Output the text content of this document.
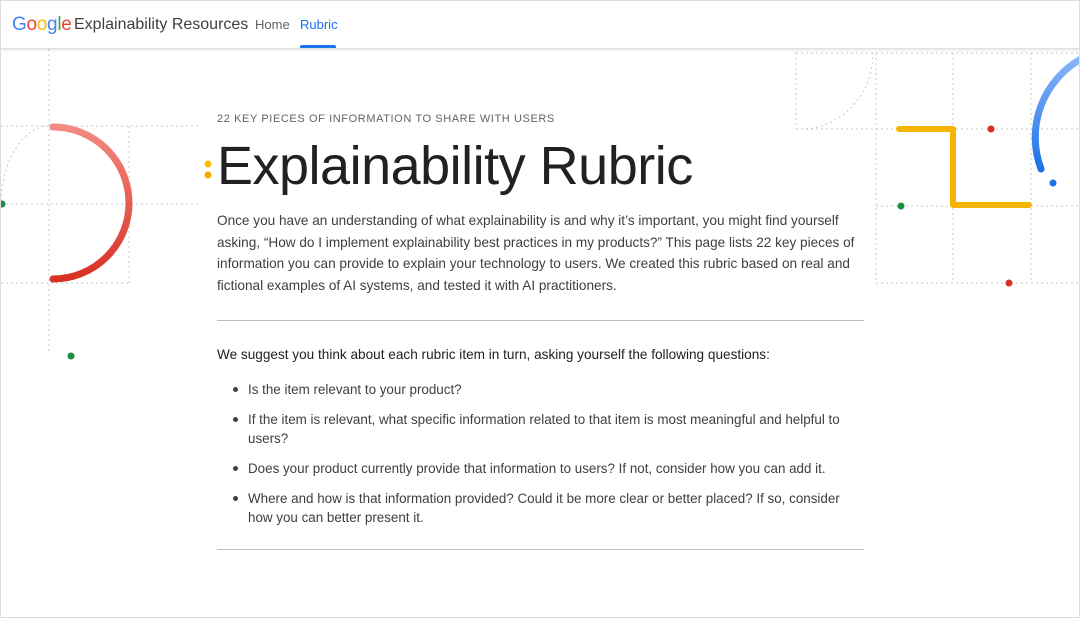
Google Explainability Resources Home Rubric
22 KEY PIECES OF INFORMATION TO SHARE WITH USERS
Explainability Rubric

Once you have an understanding of what explainability is and why it’s important, you might find yourself asking, “How do I implement explainability best practices in my products?” This page lists 22 key pieces of information you can provide to explain your technology to users. We created this rubric based on real and fictional examples of AI systems, and tested it with AI practitioners.

We suggest you think about each rubric item in turn, asking yourself the following questions:

Is the item relevant to your product?
If the item is relevant, what specific information related to that item is most meaningful and helpful to users?
Does your product currently provide that information to users? If not, consider how you can add it.
Where and how is that information provided? Could it be more clear or better placed? If so, consider how you can better present it.
